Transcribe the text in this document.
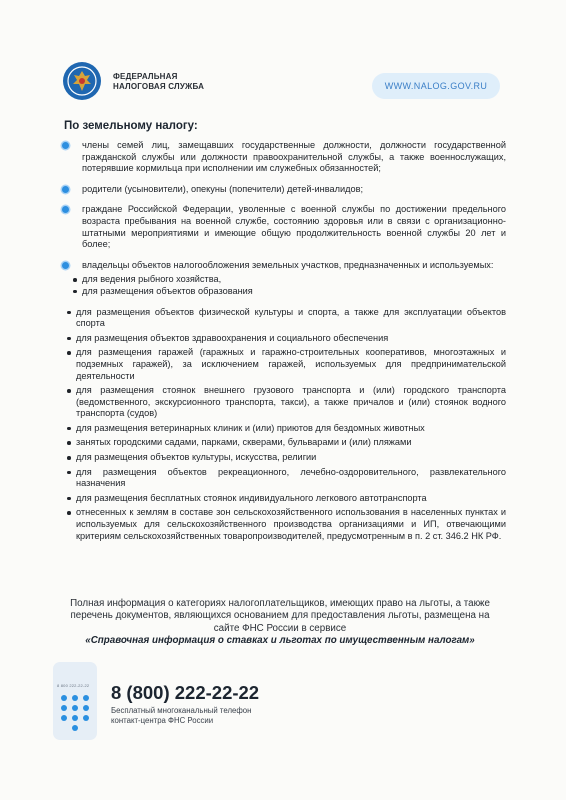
ФЕДЕРАЛЬНАЯ
НАЛОГОВАЯ СЛУЖБА	WWW.NALOG.GOV.RU
По земельному налогу:
члены семей лиц, замещавших государственные должности, должности государственной гражданской службы или должности правоохранительной службы, а также военнослужащих, потерявшие кормильца при исполнении им служебных обязанностей;
родители (усыновители), опекуны (попечители) детей-инвалидов;
граждане Российской Федерации, уволенные с военной службы по достижении предельного возраста пребывания на военной службе, состоянию здоровья или в связи с организационно-штатными мероприятиями и имеющие общую продолжительность военной службы 20 лет и более;
владельцы объектов налогообложения земельных участков, предназначенных и используемых:
для ведения рыбного хозяйства,
для размещения объектов образования
для размещения объектов физической культуры и спорта, а также для эксплуатации объектов спорта
для размещения объектов здравоохранения и социального обеспечения
для размещения гаражей (гаражных и гаражно-строительных кооперативов, многоэтажных и подземных гаражей), за исключением гаражей, используемых для предпринимательской деятельности
для размещения стоянок внешнего грузового транспорта и (или) городского транспорта (ведомственного, экскурсионного транспорта, такси), а также причалов и (или) стоянок водного транспорта (судов)
для размещения ветеринарных клиник и (или) приютов для бездомных животных
занятых городскими садами, парками, скверами, бульварами и (или) пляжами
для размещения объектов культуры, искусства, религии
для размещения объектов рекреационного, лечебно-оздоровительного, развлекательного назначения
для размещения бесплатных стоянок индивидуального легкового автотранспорта
отнесенных к землям в составе зон сельскохозяйственного использования в населенных пунктах и используемых для сельскохозяйственного производства организациями и ИП, отвечающими критериям сельскохозяйственных товаропроизводителей, предусмотренным в п. 2 ст. 346.2 НК РФ.
Полная информация о категориях налогоплательщиков, имеющих право на льготы, а также перечень документов, являющихся основанием для предоставления льготы, размещена на сайте ФНС России в сервисе
«Справочная информация о ставках и льготах по имущественным налогам»
8 800 222-22-22 8 (800) 222-22-22
Бесплатный многоканальный телефон
контакт-центра ФНС России
